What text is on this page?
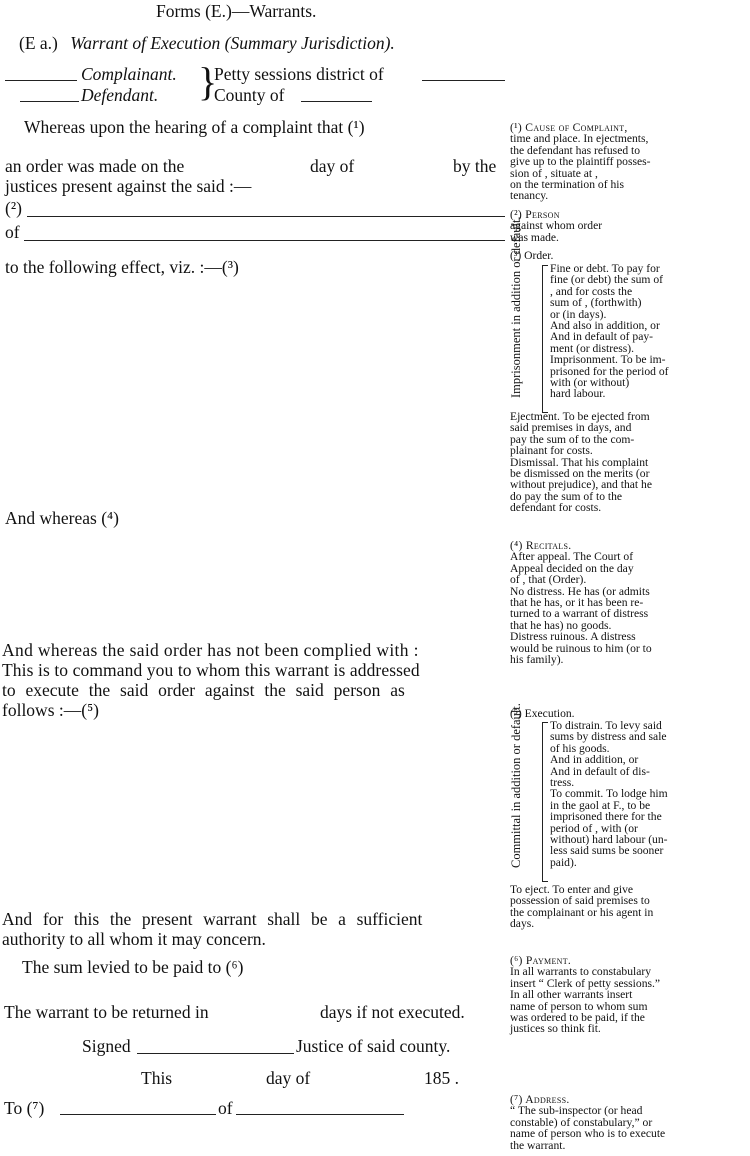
Forms (E.)—Warrants.
(E a.) Warrant of Execution (Summary Jurisdiction).
Complainant.
Defendant. }
Petty sessions district of
County of
Whereas upon the hearing of a complaint that (¹)
an order was made on the	day of	by the
justices present against the said :—
(²)
of
to the following effect, viz. :—(³)
And whereas (⁴)
And whereas the said order has not been complied with :
This is to command you to whom this warrant is addressed
to execute the said order against the said person as
follows :—(⁵)
And for this the present warrant shall be a sufficient
authority to all whom it may concern.
The sum levied to be paid to (⁶)
The warrant to be returned in	days if not executed.
Signed	Justice of said county.
This	day of	185 .
To (⁷)	of
(¹) Cause of Complaint,
time and place. In ejectments,
the defendant has refused to
give up to the plaintiff posses-
sion of , situate at ,
on the termination of his
tenancy.
(²) Person
against whom order
was made.
(³) Order.
Imprisonment in addition or default. Fine or debt. To pay for
fine (or debt) the sum of
, and for costs the
sum of , (forthwith)
or (in days).
And also in addition, or
And in default of pay-
ment (or distress).
Imprisonment. To be im-
prisoned for the period of
with (or without)
hard labour.
Ejectment. To be ejected from
said premises in days, and
pay the sum of to the com-
plainant for costs.
Dismissal. That his complaint
be dismissed on the merits (or
without prejudice), and that he
do pay the sum of to the
defendant for costs.
(⁴) Recitals.
After appeal. The Court of
Appeal decided on the day
of , that (Order).
No distress. He has (or admits
that he has, or it has been re-
turned to a warrant of distress
that he has) no goods.
Distress ruinous. A distress
would be ruinous to him (or to
his family).
(⁵) Execution.
Committal in addition or default. To distrain. To levy said
sums by distress and sale
of his goods.
And in addition, or
And in default of dis-
tress.
To commit. To lodge him
in the gaol at F., to be
imprisoned there for the
period of , with (or
without) hard labour (un-
less said sums be sooner
paid).
To eject. To enter and give
possession of said premises to
the complainant or his agent in
days.
(⁶) Payment.
In all warrants to constabulary
insert “ Clerk of petty sessions.”
In all other warrants insert
name of person to whom sum
was ordered to be paid, if the
justices so think fit.
(⁷) Address.
“ The sub-inspector (or head
constable) of constabulary,” or
name of person who is to execute
the warrant.
